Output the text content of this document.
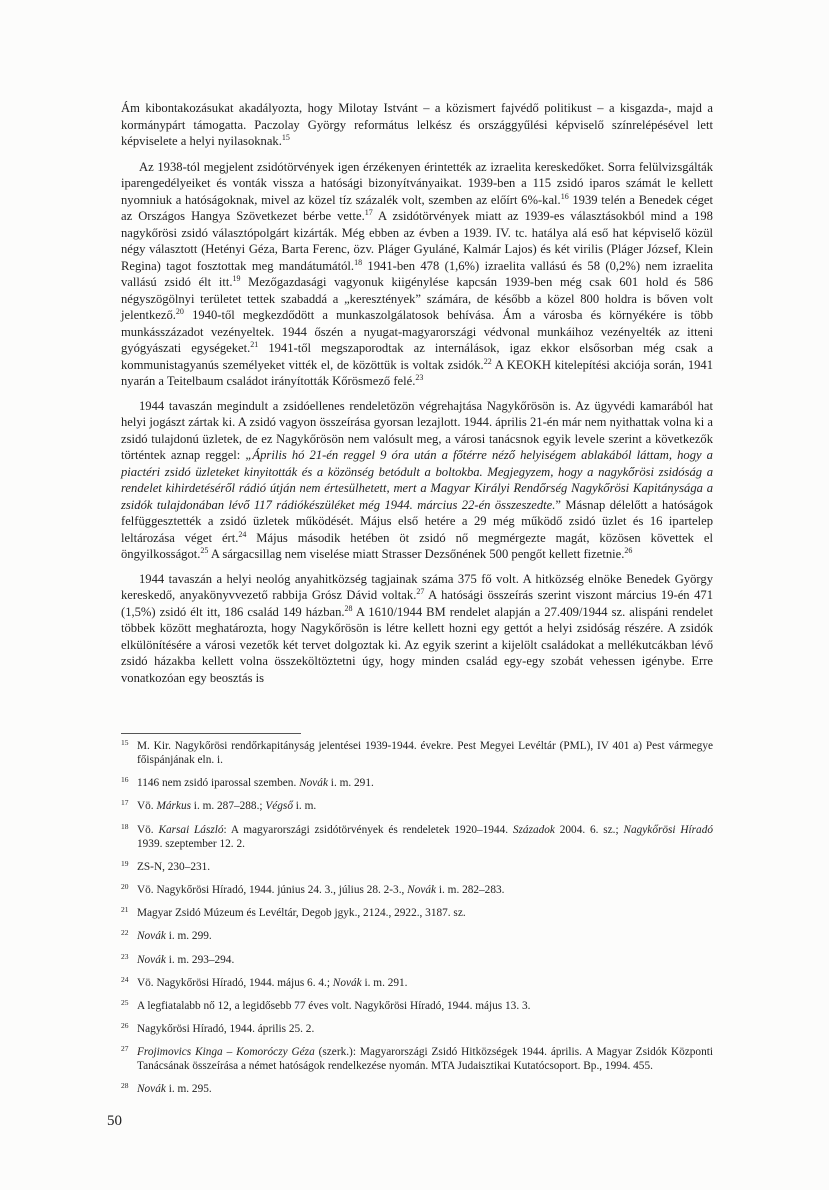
Ám kibontakozásukat akadályozta, hogy Milotay Istvánt – a közismert fajvédő politikust – a kisgazda-, majd a kormánypárt támogatta. Paczolay György református lelkész és országgyűlési képviselő színrelépésével lett képviselete a helyi nyilasoknak.$^{15}$

Az 1938-tól megjelent zsidótörvények igen érzékenyen érintették az izraelita kereskedőket. Sorra felülvizsgálták iparengedélyeiket és vonták vissza a hatósági bizonyítványaikat. 1939-ben a 115 zsidó iparos számát le kellett nyomniuk a hatóságoknak, mivel az közel tíz százalék volt, szemben az előírt 6%-kal.$^{16}$ 1939 telén a Benedek céget az Országos Hangya Szövetkezet bérbe vette.$^{17}$ A zsidótörvények miatt az 1939-es választásokból mind a 198 nagykőrösi zsidó választópolgárt kizárták. Még ebben az évben a 1939. IV. tc. hatálya alá eső hat képviselő közül négy választott (Hetényi Géza, Barta Ferenc, özv. Pláger Gyuláné, Kalmár Lajos) és két virilis (Pláger József, Klein Regina) tagot fosztottak meg mandátumától.$^{18}$ 1941-ben 478 (1,6%) izraelita vallású és 58 (0,2%) nem izraelita vallású zsidó élt itt.$^{19}$ Mezőgazdasági vagyonuk kiigénylése kapcsán 1939-ben még csak 601 hold és 586 négyszögölnyi területet tettek szabaddá a „keresztények” számára, de később a közel 800 holdra is bőven volt jelentkező.$^{20}$ 1940-től megkezdődött a munkaszolgálatosok behívása. Ám a városba és környékére is több munkásszázadot vezényeltek. 1944 őszén a nyugat-magyarországi védvonal munkáihoz vezényelték az itteni gyógyászati egységeket.$^{21}$ 1941-től megszaporodtak az internálások, igaz ekkor elsősorban még csak a kommunistagyanús személyeket vitték el, de közöttük is voltak zsidók.$^{22}$ A KEOKH kitelepítési akciója során, 1941 nyarán a Teitelbaum családot irányították Kőrösmező felé.$^{23}$

1944 tavaszán megindult a zsidóellenes rendeletözön végrehajtása Nagykőrösön is. Az ügyvédi kamarából hat helyi jogászt zártak ki. A zsidó vagyon összeírása gyorsan lezajlott. 1944. április 21-én már nem nyithattak volna ki a zsidó tulajdonú üzletek, de ez Nagykőrösön nem valósult meg, a városi tanácsnok egyik levele szerint a következők történtek aznap reggel: „Április hó 21-én reggel 9 óra után a főtérre néző helyiségem ablakából láttam, hogy a piactéri zsidó üzleteket kinyitották és a közönség betódult a boltokba. Megjegyzem, hogy a nagykőrösi zsidóság a rendelet kihirdetéséről rádió útján nem értesülhetett, mert a Magyar Királyi Rendőrség Nagykőrösi Kapitánysága a zsidók tulajdonában lévő 117 rádiókészüléket még 1944. március 22-én összeszedte.” Másnap délelőtt a hatóságok felfüggesztették a zsidó üzletek működését. Május első hetére a 29 még működő zsidó üzlet és 16 ipartelep leltározása véget ért.$^{24}$ Május második hetében öt zsidó nő megmérgezte magát, közösen követtek el öngyilkosságot.$^{25}$ A sárgacsillag nem viselése miatt Strasser Dezsőnének 500 pengőt kellett fizetnie.$^{26}$

1944 tavaszán a helyi neológ anyahitközség tagjainak száma 375 fő volt. A hitközség elnöke Benedek György kereskedő, anyakönyvvezető rabbija Grósz Dávid voltak.$^{27}$ A hatósági összeírás szerint viszont március 19-én 471 (1,5%) zsidó élt itt, 186 család 149 házban.$^{28}$ A 1610/1944 BM rendelet alapján a 27.409/1944 sz. alispáni rendelet többek között meghatározta, hogy Nagykőrösön is létre kellett hozni egy gettót a helyi zsidóság részére. A zsidók elkülönítésére a városi vezetők két tervet dolgoztak ki. Az egyik szerint a kijelölt családokat a mellékutcákban lévő zsidó házakba kellett volna összeköltöztetni úgy, hogy minden család egy-egy szobát vehessen igénybe. Erre vonatkozóan egy beosztás is

$^{15}$ M. Kir. Nagykőrösi rendőrkapitányság jelentései 1939-1944. évekre. Pest Megyei Levéltár (PML), IV 401 a) Pest vármegye főispánjának eln. i.

$^{16}$ 1146 nem zsidó iparossal szemben. Novák i. m. 291.

$^{17}$ Vö. Márkus i. m. 287–288.; Végső i. m.

$^{18}$ Vö. Karsai László: A magyarországi zsidótörvények és rendeletek 1920–1944. Századok 2004. 6. sz.; Nagykőrösi Híradó 1939. szeptember 12. 2.

$^{19}$ ZS-N, 230–231.

$^{20}$ Vö. Nagykőrösi Híradó, 1944. június 24. 3., július 28. 2-3., Novák i. m. 282–283.

$^{21}$ Magyar Zsidó Múzeum és Levéltár, Degob jgyk., 2124., 2922., 3187. sz.

$^{22}$ Novák i. m. 299.

$^{23}$ Novák i. m. 293–294.

$^{24}$ Vö. Nagykőrösi Híradó, 1944. május 6. 4.; Novák i. m. 291.

$^{25}$ A legfiatalabb nő 12, a legidősebb 77 éves volt. Nagykőrösi Híradó, 1944. május 13. 3.

$^{26}$ Nagykőrösi Híradó, 1944. április 25. 2.

$^{27}$ Frojimovics Kinga – Komoróczy Géza (szerk.): Magyarországi Zsidó Hitközségek 1944. április. A Magyar Zsidók Központi Tanácsának összeírása a német hatóságok rendelkezése nyomán. MTA Judaisztikai Kutatócsoport. Bp., 1994. 455.

$^{28}$ Novák i. m. 295.

50
